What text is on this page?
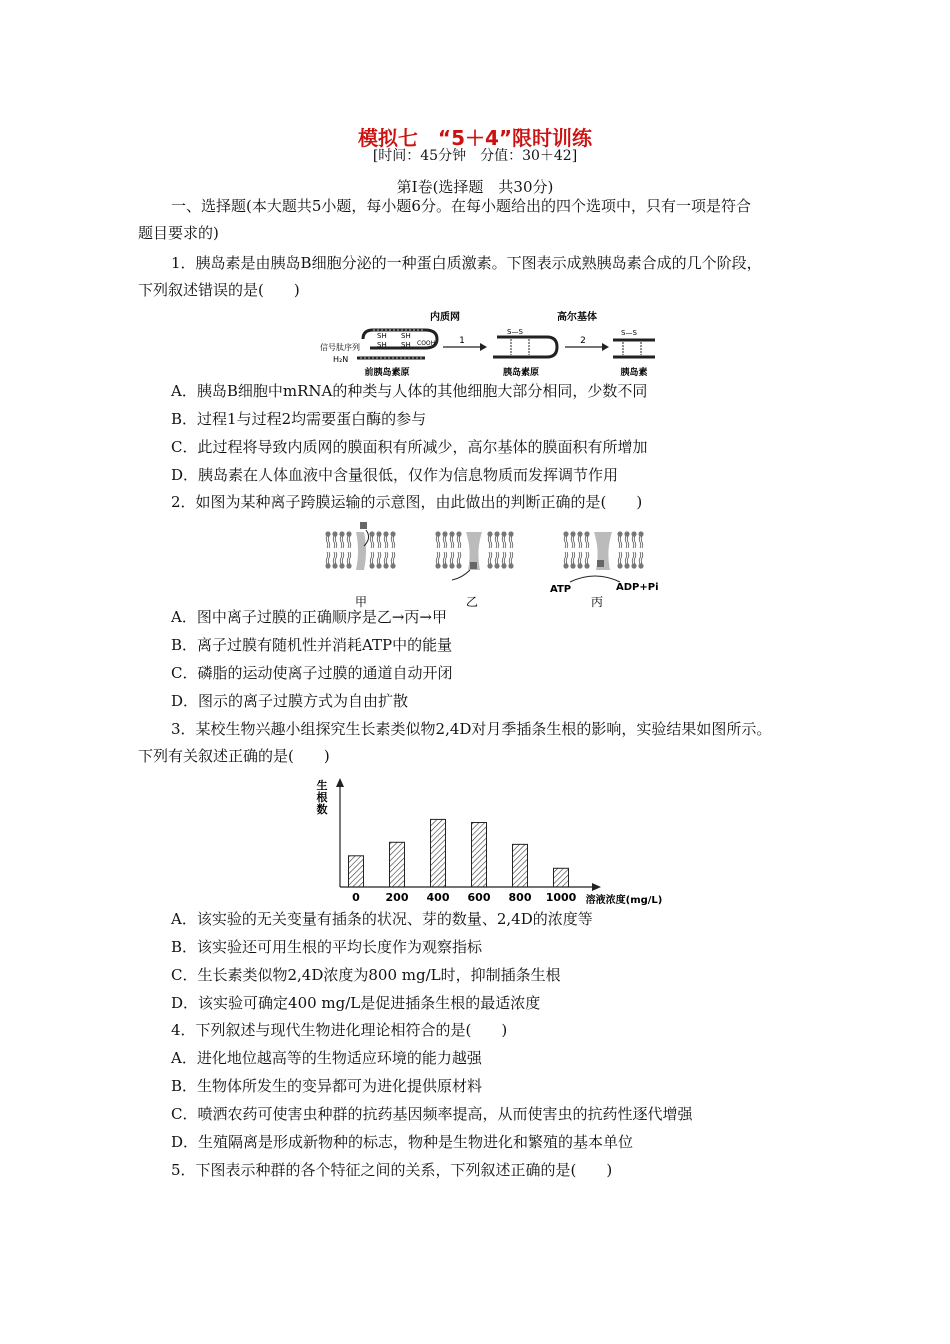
模拟七　“5＋4”限时训练
[时间：45分钟　分值：30＋42]
第Ⅰ卷(选择题　共30分)
一、选择题(本大题共5小题，每小题6分。在每小题给出的四个选项中，只有一项是符合
题目要求的)
1．胰岛素是由胰岛B细胞分泌的一种蛋白质激素。下图表示成熟胰岛素合成的几个阶段，
下列叙述错误的是(　　)
内质网	高尔基体
信号肽序列
H₂N
SH SH
SH SH COOH
前胰岛素原
1
S—S
胰岛素原
2
S—S
胰岛素
A．胰岛B细胞中mRNA的种类与人体的其他细胞大部分相同，少数不同
B．过程1与过程2均需要蛋白酶的参与
C．此过程将导致内质网的膜面积有所减少，高尔基体的膜面积有所增加
D．胰岛素在人体血液中含量很低，仅作为信息物质而发挥调节作用
2．如图为某种离子跨膜运输的示意图，由此做出的判断正确的是(　　)
甲	乙
ATP	ADP+Pi
丙
A．图中离子过膜的正确顺序是乙→丙→甲
B．离子过膜有随机性并消耗ATP中的能量
C．磷脂的运动使离子过膜的通道自动开闭
D．图示的离子过膜方式为自由扩散
3．某校生物兴趣小组探究生长素类似物2,4D对月季插条生根的影响，实验结果如图所示。
下列有关叙述正确的是(　　)
生根数
溶液浓度(mg/L)
0 200 400 600 800 1000
A．该实验的无关变量有插条的状况、芽的数量、2,4D的浓度等
B．该实验还可用生根的平均长度作为观察指标
C．生长素类似物2,4D浓度为800 mg/L时，抑制插条生根
D．该实验可确定400 mg/L是促进插条生根的最适浓度
4．下列叙述与现代生物进化理论相符合的是(　　)
A．进化地位越高等的生物适应环境的能力越强
B．生物体所发生的变异都可为进化提供原材料
C．喷洒农药可使害虫种群的抗药基因频率提高，从而使害虫的抗药性逐代增强
D．生殖隔离是形成新物种的标志，物种是生物进化和繁殖的基本单位
5．下图表示种群的各个特征之间的关系，下列叙述正确的是(　　)
